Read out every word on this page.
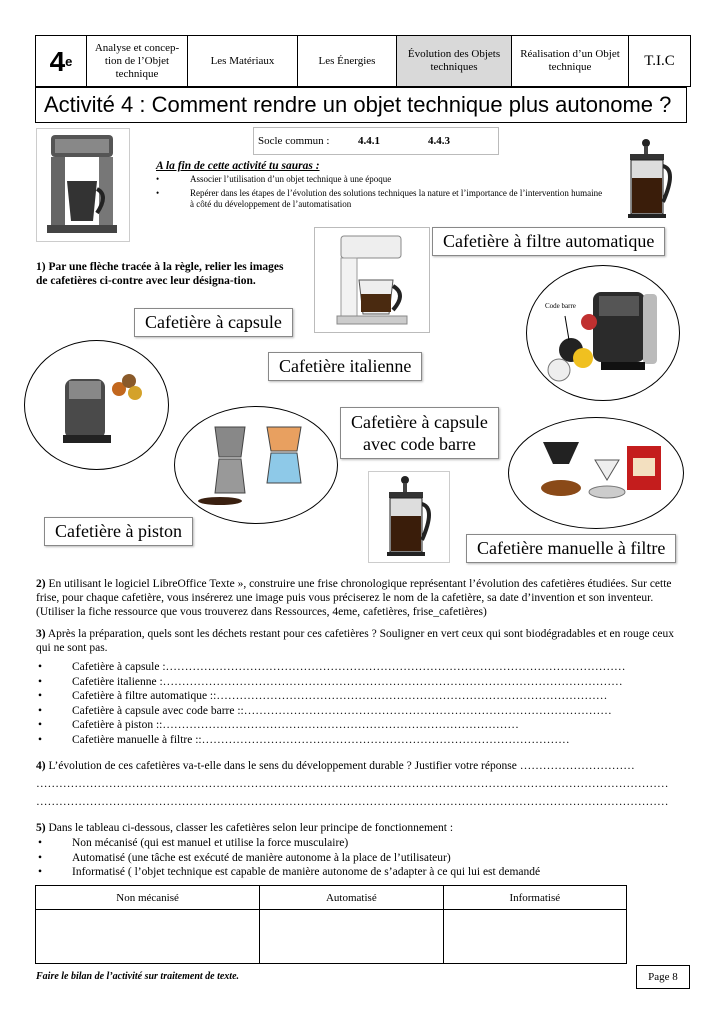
4 e
Analyse et concep-tion de l’Objet technique
Les Matériaux	Les Énergies
Évolution des Objets techniques
Réalisation d’un Objet technique	T.I.C
Activité 4 : Comment rendre un objet technique plus autonome ?
Socle commun :	4.4.1	4.4.3
A la fin de cette activité tu sauras :
•	Associer l’utilisation d’un objet technique à une époque
•	Repérer dans les étapes de l’évolution des solutions techniques la nature et l’importance de l’intervention humaine à côté du développement de l’automatisation
Cafetière à filtre automatique
1) Par une flèche tracée à la règle, relier les images de cafetières ci-contre avec leur désigna-tion.
Cafetière à capsule
Code barre
Cafetière italienne
Cafetière à capsule
avec code barre
Cafetière à piston
Cafetière manuelle à filtre
2) En utilisant le logiciel LibreOffice Texte », construire une frise chronologique représentant l’évolution des cafetières étudiées. Sur cette frise, pour chaque cafetière, vous insérerez une image puis vous préciserez le nom de la cafetière, sa date d’invention et son inventeur. (Utiliser la fiche ressource que vous trouverez dans Ressources, 4eme, cafetières, frise_cafetières)
3) Après la préparation, quels sont les déchets restant pour ces cafetières ? Souligner en vert ceux qui sont biodégradables et en rouge ceux qui ne sont pas.
• Cafetière à capsule :…………………………………………………………………………………………………………
• Cafetière italienne :…………………………………………………………………………………………………………
• Cafetière à filtre automatique ::…………………………………………………………………………………………
• Cafetière à capsule avec code barre ::……………………………………………………………………………………
• Cafetière à piston ::…………………………………………………………………………………
• Cafetière manuelle à filtre ::……………………………………………………………………………………
4) L’évolution de ces cafetières va-t-elle dans le sens du développement durable ? Justifier votre réponse …………………………
…………………………………………………………………………………………………………………………………………………
…………………………………………………………………………………………………………………………………………………
5) Dans le tableau ci-dessous, classer les cafetières selon leur principe de fonctionnement :
• Non mécanisé (qui est manuel et utilise la force musculaire)
• Automatisé (une tâche est exécuté de manière autonome à la place de l’utilisateur)
• Informatisé ( l’objet technique est capable de manière autonome de s’adapter à ce qui lui est demandé
Non mécanisé	Automatisé	Informatisé

Faire le bilan de l’activité sur traitement de texte.	Page 8
